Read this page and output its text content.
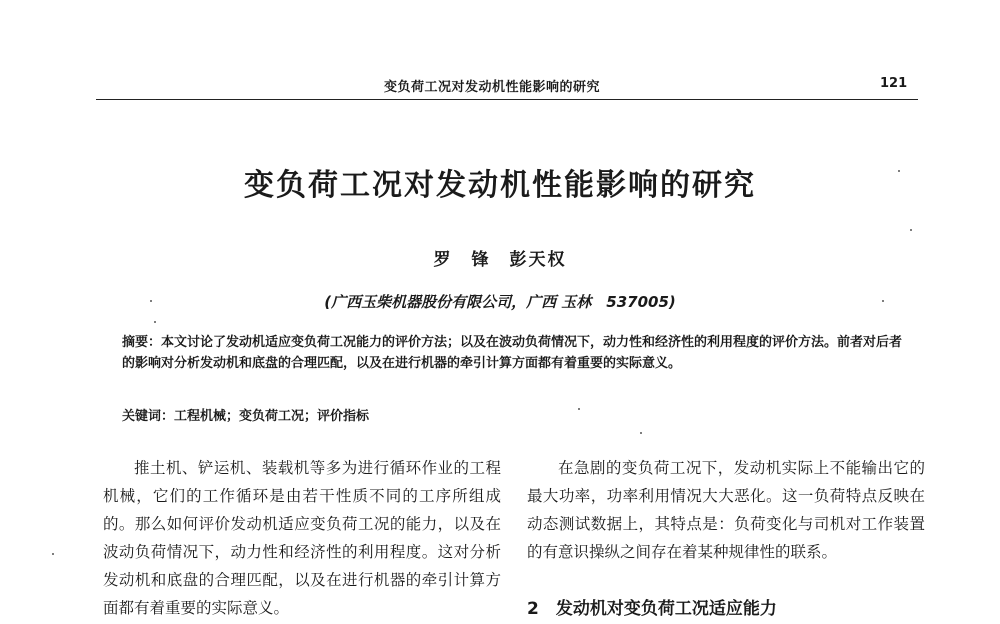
变负荷工况对发动机性能影响的研究	121
变负荷工况对发动机性能影响的研究
罗　锋　彭天权
(广西玉柴机器股份有限公司，广西 玉林　537005)
摘要：本文讨论了发动机适应变负荷工况能力的评价方法；以及在波动负荷情况下，动力性和经济性的利用程度的评价方法。前者对后者的影响对分析发动机和底盘的合理匹配，以及在进行机器的牵引计算方面都有着重要的实际意义。
关键词：工程机械；变负荷工况；评价指标

推土机、铲运机、装载机等多为进行循环作业的工程机械，它们的工作循环是由若干性质不同的工序所组成的。那么如何评价发动机适应变负荷工况的能力，以及在波动负荷情况下，动力性和经济性的利用程度。这对分析发动机和底盘的合理匹配，以及在进行机器的牵引计算方面都有着重要的实际意义。

在急剧的变负荷工况下，发动机实际上不能输出它的最大功率，功率利用情况大大恶化。这一负荷特点反映在动态测试数据上，其特点是：负荷变化与司机对工作装置的有意识操纵之间存在着某种规律性的联系。

2　发动机对变负荷工况适应能力
